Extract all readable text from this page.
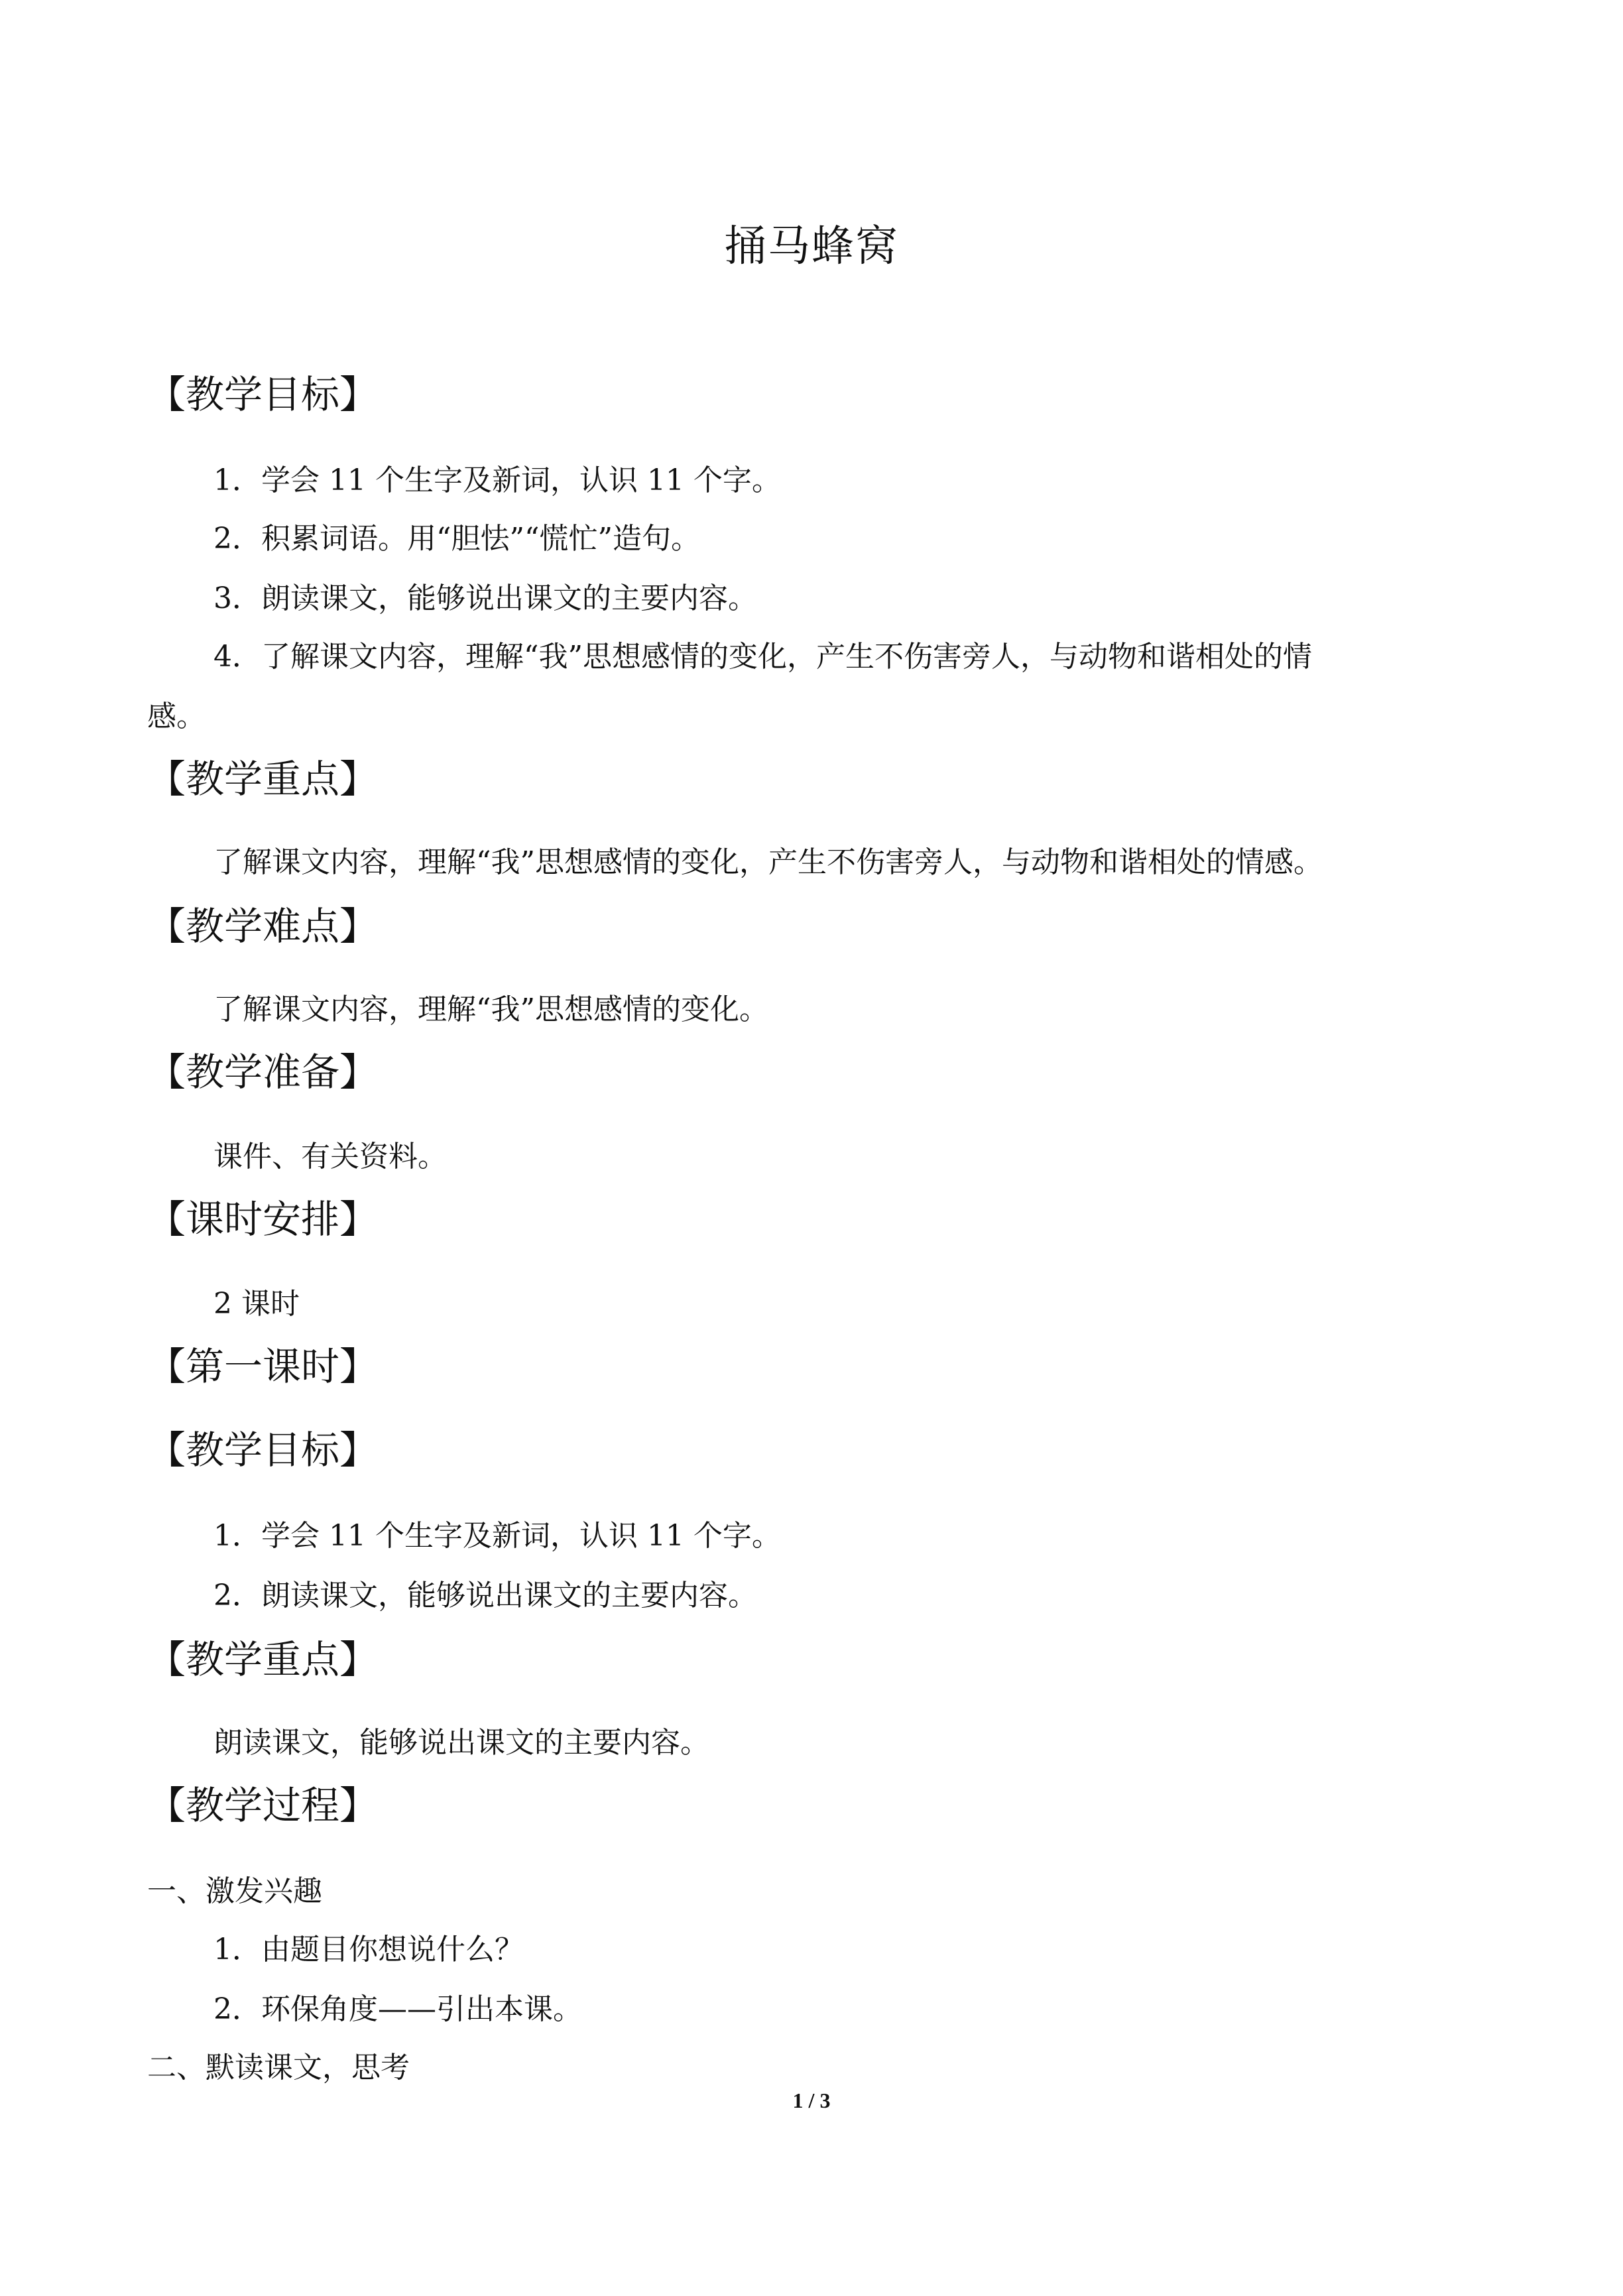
捅马蜂窝
【教学目标】
1．学会 11 个生字及新词，认识 11 个字。
2．积累词语。用“胆怯”“慌忙”造句。
3．朗读课文，能够说出课文的主要内容。
4．了解课文内容，理解“我”思想感情的变化，产生不伤害旁人，与动物和谐相处的情
感。
【教学重点】
了解课文内容，理解“我”思想感情的变化，产生不伤害旁人，与动物和谐相处的情感。
【教学难点】
了解课文内容，理解“我”思想感情的变化。
【教学准备】
课件、有关资料。
【课时安排】
2 课时
【第一课时】
【教学目标】
1．学会 11 个生字及新词，认识 11 个字。
2．朗读课文，能够说出课文的主要内容。
【教学重点】
朗读课文，能够说出课文的主要内容。
【教学过程】
一、激发兴趣
1．由题目你想说什么？
2．环保角度——引出本课。
二、默读课文，思考
1 / 3
